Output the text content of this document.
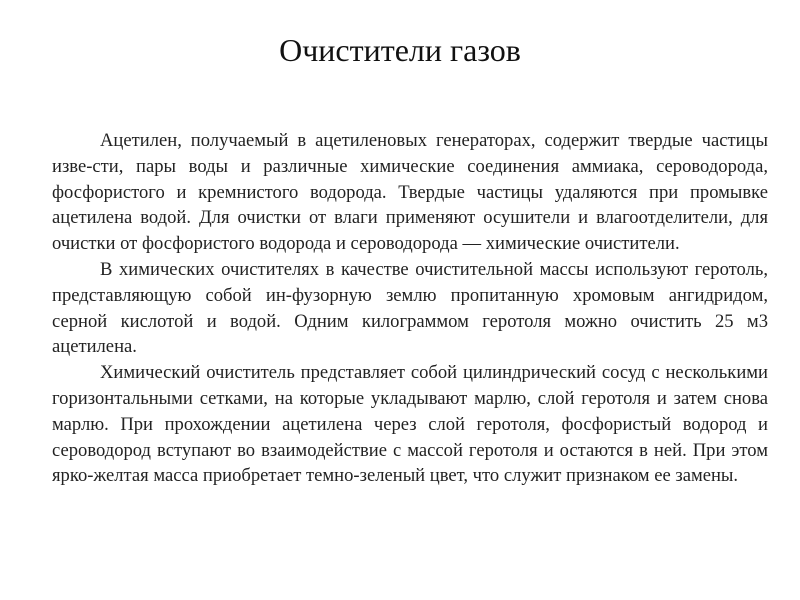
Очистители газов

Ацетилен, получаемый в ацетиленовых генераторах, содержит твердые частицы изве-сти, пары воды и различные химические соединения аммиака, сероводорода, фосфористого и кремнистого водорода. Твердые частицы удаляются при промывке ацетилена водой. Для очистки от влаги применяют осушители и влагоотделители, для очистки от фосфористого водорода и сероводорода — химические очистители.

В химических очистителях в качестве очистительной массы используют геротоль, представляющую собой ин-фузорную землю пропитанную хромовым ангидридом, серной кислотой и водой. Одним килограммом геротоля можно очистить 25 м3 ацетилена.

Химический очиститель представляет собой цилиндрический сосуд с несколькими горизонтальными сетками, на которые укладывают марлю, слой геротоля и затем снова марлю. При прохождении ацетилена через слой геротоля, фосфористый водород и сероводород вступают во взаимодействие с массой геротоля и остаются в ней. При этом ярко-желтая масса приобретает темно-зеленый цвет, что служит признаком ее замены.
